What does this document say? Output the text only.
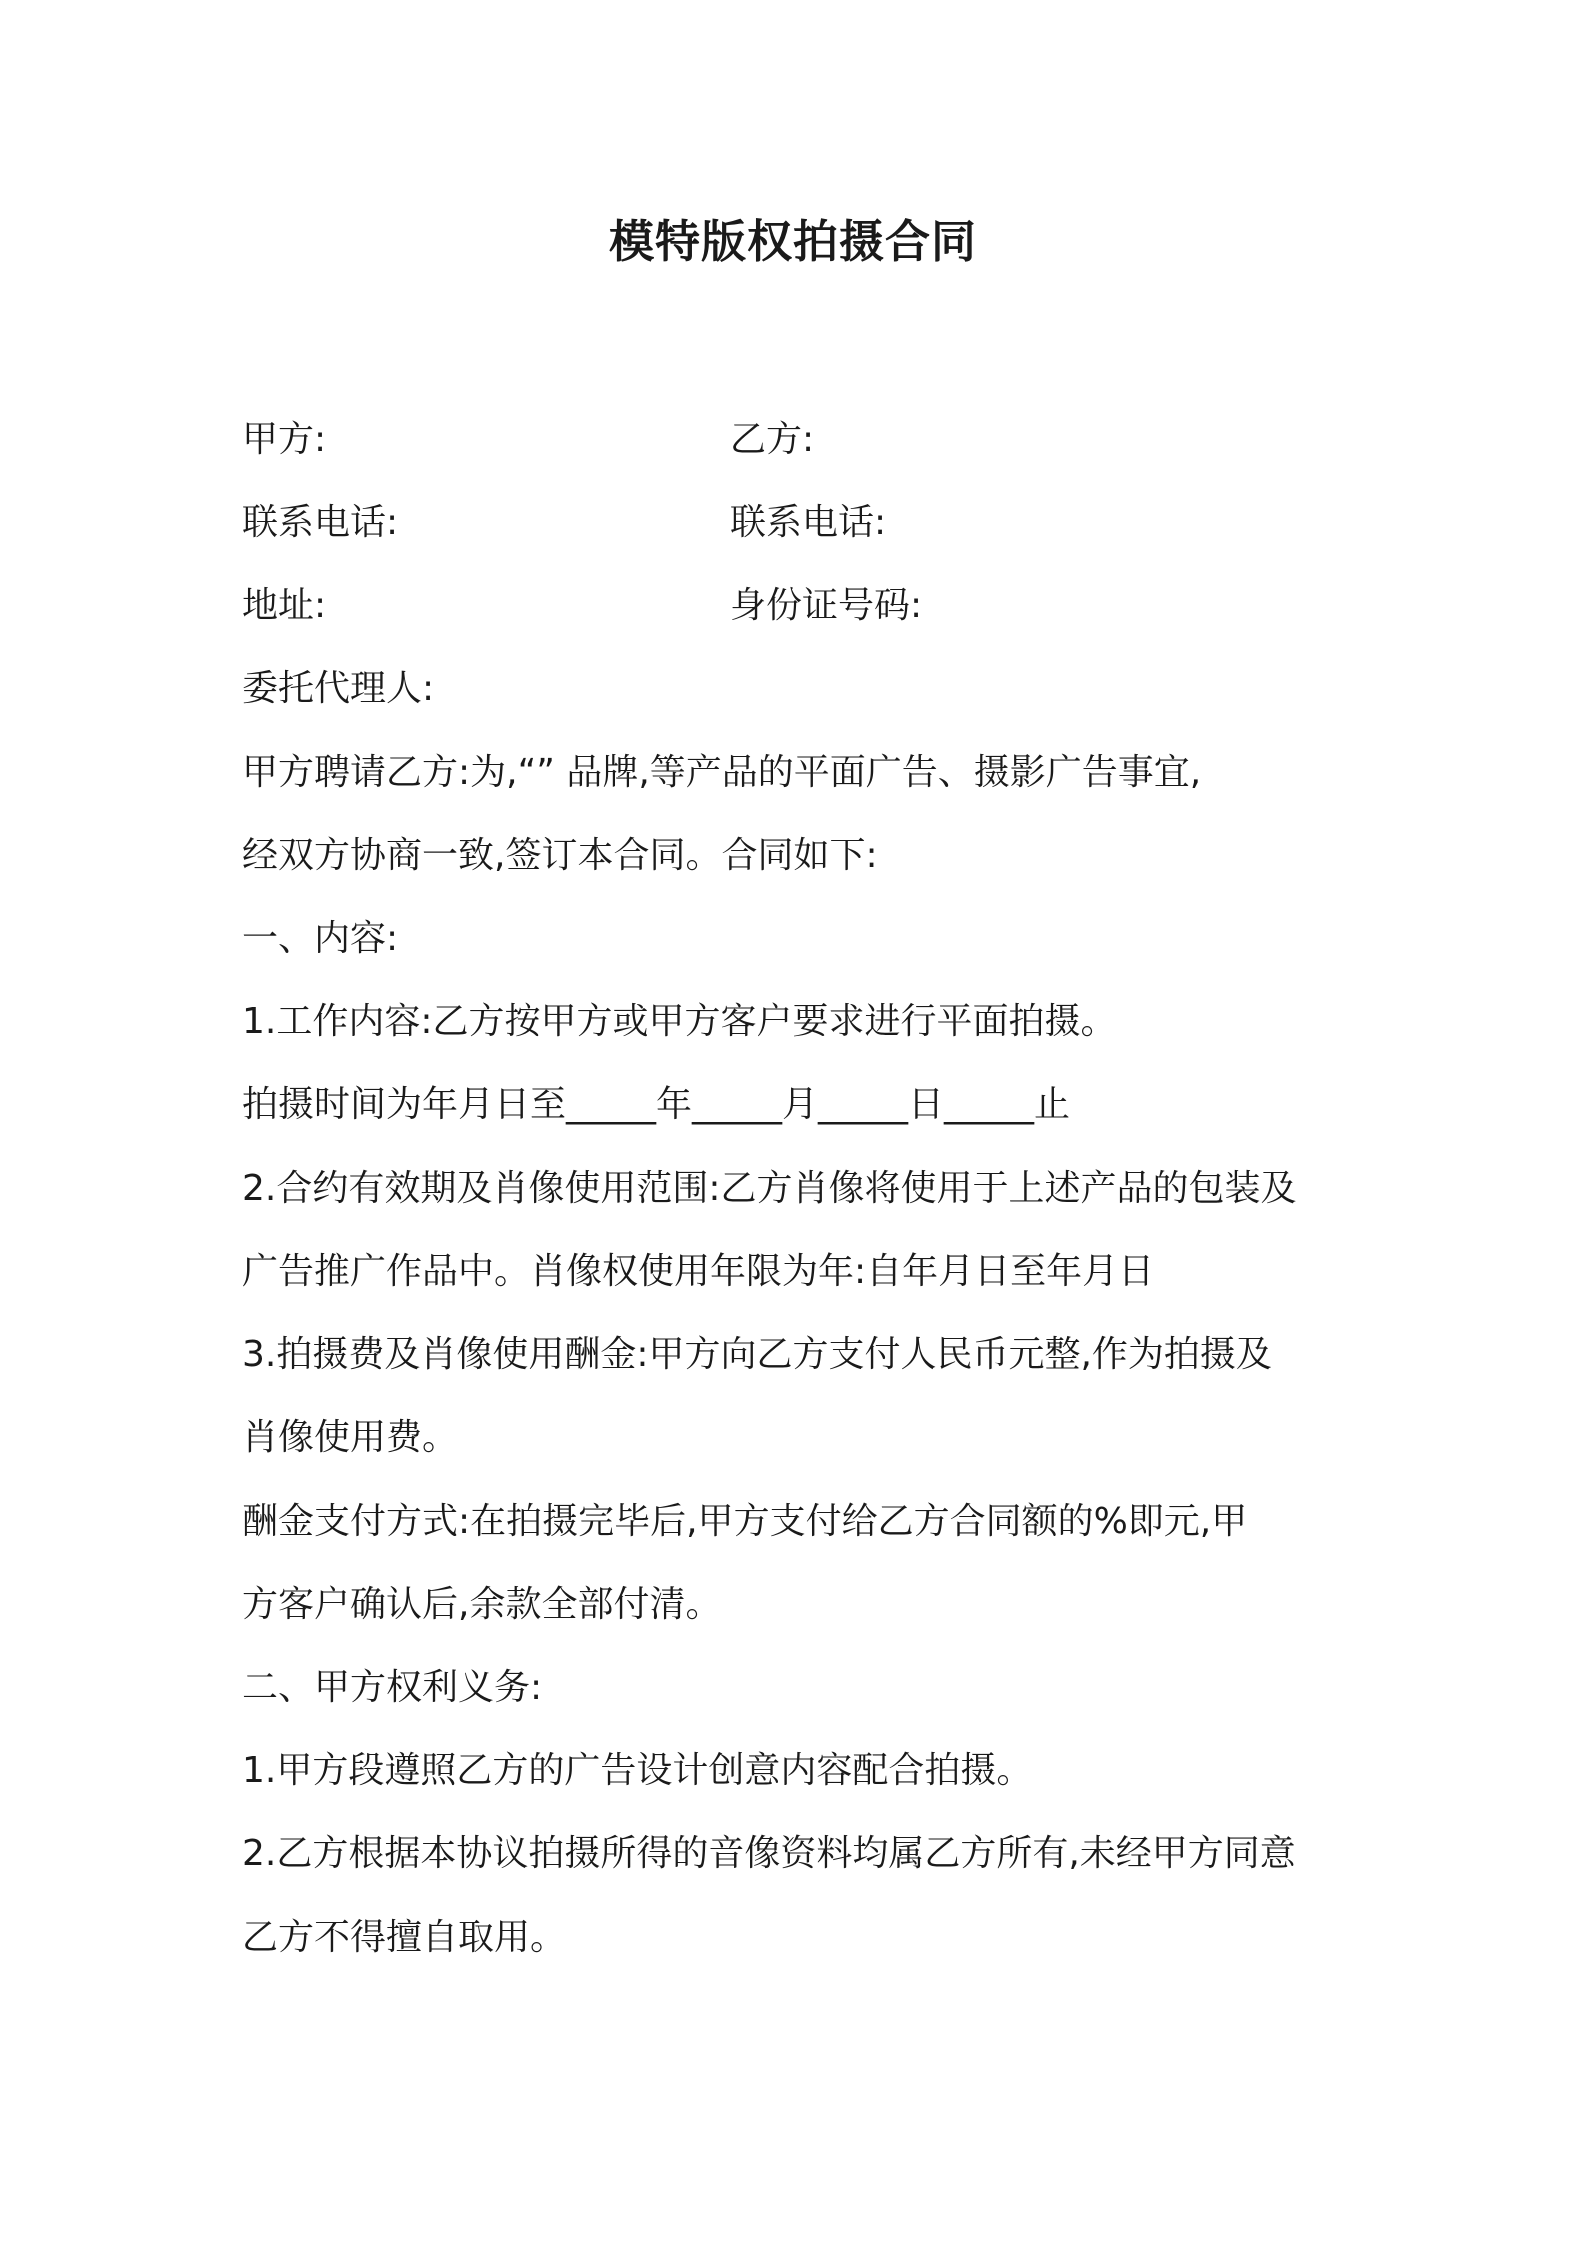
模特版权拍摄合同
甲方:	乙方:
联系电话:	联系电话:
地址:	身份证号码:
委托代理人:
甲方聘请乙方:为,“” 品牌,等产品的平面广告、摄影广告事宜,
经双方协商一致,签订本合同。合同如下:
一、内容:
1.工作内容:乙方按甲方或甲方客户要求进行平面拍摄。
拍摄时间为年月日至_____年_____月_____日_____止
2.合约有效期及肖像使用范围:乙方肖像将使用于上述产品的包装及
广告推广作品中。肖像权使用年限为年:自年月日至年月日
3.拍摄费及肖像使用酬金:甲方向乙方支付人民币元整,作为拍摄及
肖像使用费。
酬金支付方式:在拍摄完毕后,甲方支付给乙方合同额的%即元,甲
方客户确认后,余款全部付清。
二、甲方权利义务:
1.甲方段遵照乙方的广告设计创意内容配合拍摄。
2.乙方根据本协议拍摄所得的音像资料均属乙方所有,未经甲方同意
乙方不得擅自取用。
